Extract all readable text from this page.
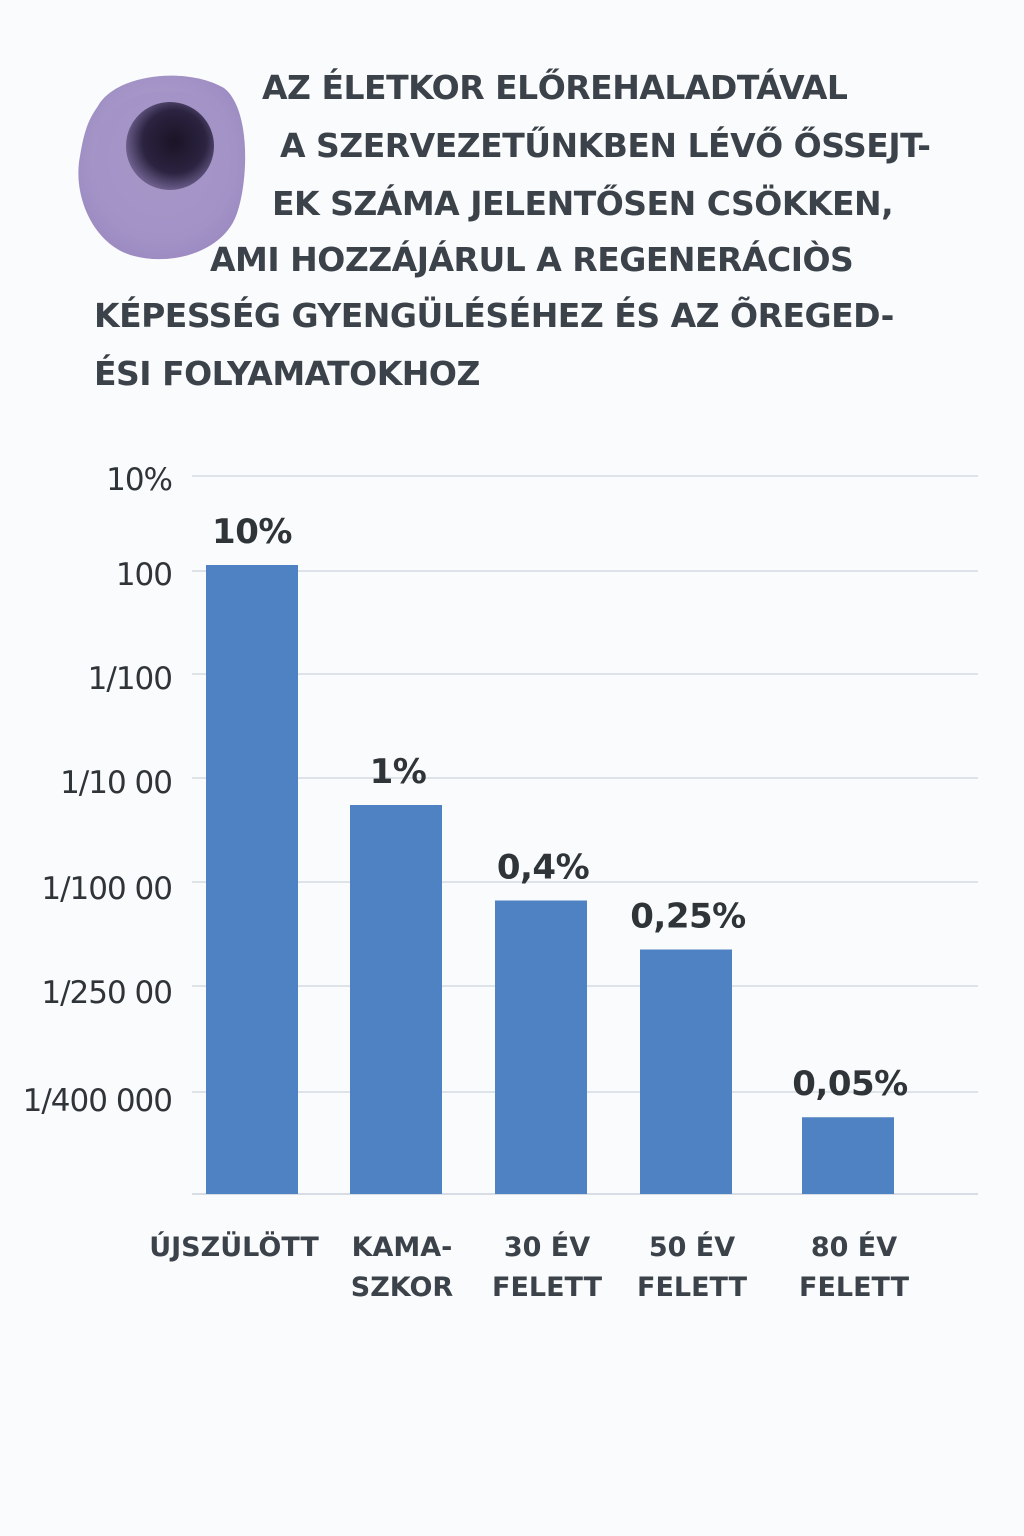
AZ ÉLETKOR ELŐREHALADTÁVAL

A SZERVEZETŰNKBEN LÉVŐ ŐSSEJT-

EK SZÁMA JELENTŐSEN CSÖKKEN,

AMI HOZZÁJÁRUL A REGENERÁCIÒS

KÉPESSÉG GYENGÜLÉSÉHEZ ÉS AZ ÕREGED-

ÉSI FOLYAMATOKHOZ

10%
100
1/100
1/10 00
1/100 00
1/250 00
1/400 000
10%
ÚJSZÜLÖTT
1%
KAMA-
SZKOR
0,4%
30 ÉV
FELETT
0,25%
50 ÉV
FELETT
0,05%
80 ÉV
FELETT
